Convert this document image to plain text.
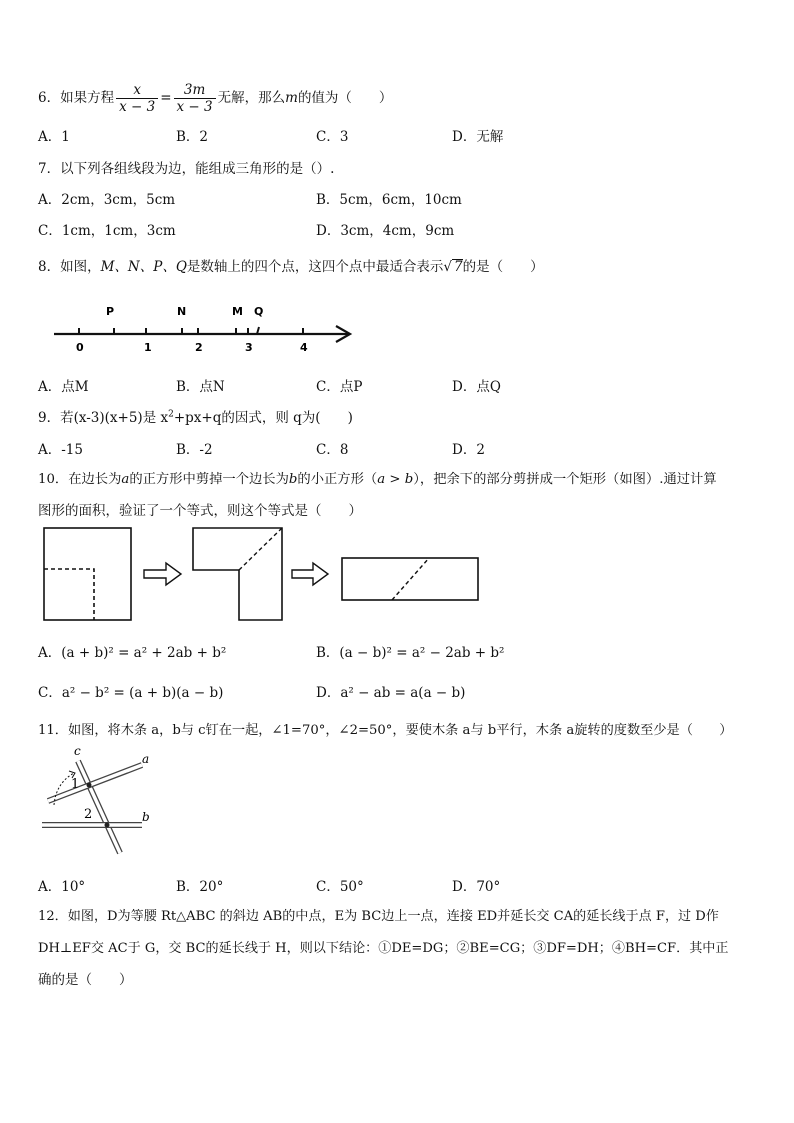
6．如果方程 $\frac{x}{x - 3} = \frac{3m}{x - 3}$ 无解，那么m的值为（　　）
A．1	B．2	C．3	D．无解
7．以下列各组线段为边，能组成三角形的是（）.
A．2cm，3cm，5cm	B．5cm，6cm，10cm
C．1cm，1cm，3cm	D．3cm，4cm，9cm
8．如图，M、N、P、Q是数轴上的四个点，这四个点中最适合表示√ 7的是（　　）
P	N	M Q
0	1	2	3	4
A．点M	B．点N	C．点P	D．点Q
9．若(x-3)(x+5)是 $x^2+px+q$的因式，则 q为(　　)
A．-15	B．-2	C．8	D．2
10．在边长为a的正方形中剪掉一个边长为b的小正方形（a > b），把余下的部分剪拼成一个矩形（如图）.通过计算
图形的面积，验证了一个等式，则这个等式是（　　）
A．(a + b)² = a² + 2ab + b²	B．(a − b)² = a² − 2ab + b²
C．a² − b² = (a + b)(a − b)	D．a² − ab = a(a − b)
11．如图，将木条 a，b与 c钉在一起，∠1=70°，∠2=50°，要使木条 a与 b平行，木条 a旋转的度数至少是（　　）
c
a
1
2	b
A．10°	B．20°	C．50°	D．70°
12．如图，D为等腰 Rt△ABC 的斜边 AB的中点，E为 BC边上一点，连接 ED并延长交 CA的延长线于点 F，过 D作
DH⊥EF交 AC于 G，交 BC的延长线于 H，则以下结论：①DE=DG；②BE=CG；③DF=DH；④BH=CF．其中正
确的是（　　）
